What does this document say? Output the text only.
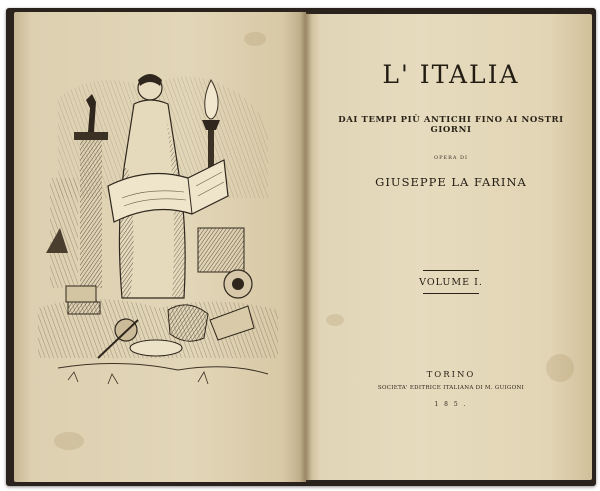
L' ITALIA
DAI TEMPI PIÙ ANTICHI FINO AI NOSTRI GIORNI
OPERA DI
GIUSEPPE LA FARINA
VOLUME I.
TORINO
SOCIETA' EDITRICE ITALIANA DI M. GUIGONI
1 8 5 .
